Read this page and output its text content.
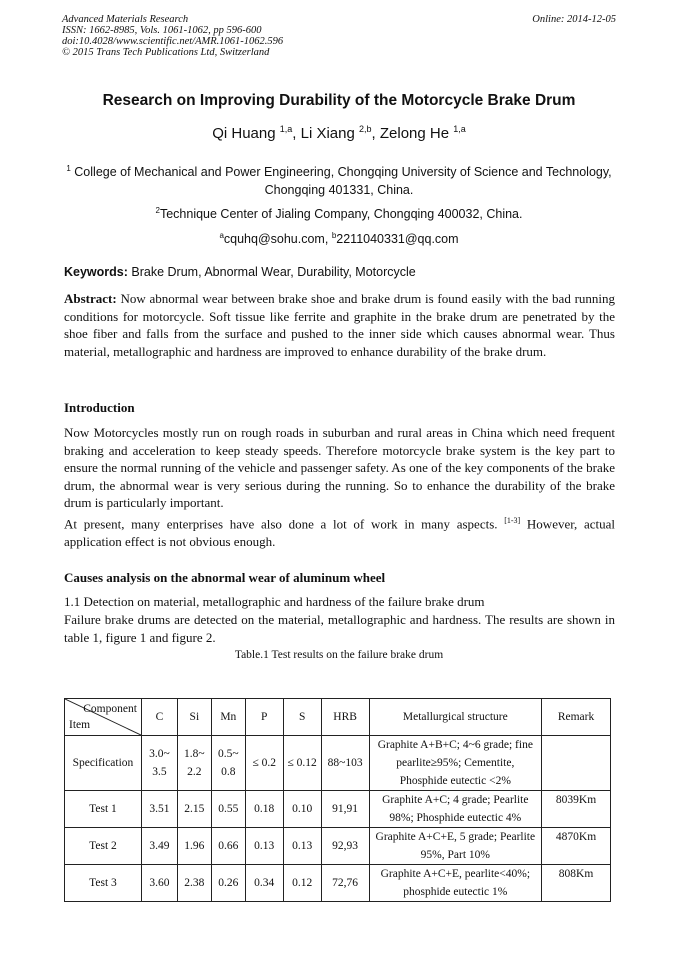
Advanced Materials Research
ISSN: 1662-8985, Vols. 1061-1062, pp 596-600
doi:10.4028/www.scientific.net/AMR.1061-1062.596
© 2015 Trans Tech Publications Ltd, Switzerland
Online: 2014-12-05
Research on Improving Durability of the Motorcycle Brake Drum
Qi Huang $^{1,a}$, Li Xiang $^{2,b}$, Zelong He $^{1,a}$
$^1$ College of Mechanical and Power Engineering, Chongqing University of Science and Technology,
Chongqing 401331, China.
$^2$Technique Center of Jialing Company, Chongqing 400032, China.
$^a$cquhq@sohu.com, $^b$2211040331@qq.com
Keywords: Brake Drum, Abnormal Wear, Durability, Motorcycle
Abstract: Now abnormal wear between brake shoe and brake drum is found easily with the bad running conditions for motorcycle. Soft tissue like ferrite and graphite in the brake drum are penetrated by the shoe fiber and falls from the surface and pushed to the inner side which causes abnormal wear. Thus material, metallographic and hardness are improved to enhance durability of the brake drum.
Introduction
Now Motorcycles mostly run on rough roads in suburban and rural areas in China which need frequent braking and acceleration to keep steady speeds. Therefore motorcycle brake system is the key part to ensure the normal running of the vehicle and passenger safety. As one of the key components of the brake drum, the abnormal wear is very serious during the running. So to enhance the durability of the brake drum is particularly important.
At present, many enterprises have also done a lot of work in many aspects. [1-3] However, actual application effect is not obvious enough.
Causes analysis on the abnormal wear of aluminum wheel
1.1 Detection on material, metallographic and hardness of the failure brake drum
Failure brake drums are detected on the material, metallographic and hardness. The results are shown in table 1, figure 1 and figure 2.
Table.1 Test results on the failure brake drum
Component
Item	C	Si	Mn	P	S	HRB	Metallurgical structure	Remark
Specification	3.0~ 3.5	1.8~ 2.2	0.5~ 0.8	≤ 0.2	≤ 0.12	88~103	Graphite A+B+C; 4~6 grade; fine pearlite≥95%; Cementite, Phosphide eutectic <2%	
Test 1	3.51	2.15	0.55	0.18	0.10	91,91	Graphite A+C; 4 grade; Pearlite 98%; Phosphide eutectic 4%	8039Km
Test 2	3.49	1.96	0.66	0.13	0.13	92,93	Graphite A+C+E, 5 grade; Pearlite 95%, Part 10%	4870Km
Test 3	3.60	2.38	0.26	0.34	0.12	72,76	Graphite A+C+E, pearlite<40%; phosphide eutectic 1%	808Km
